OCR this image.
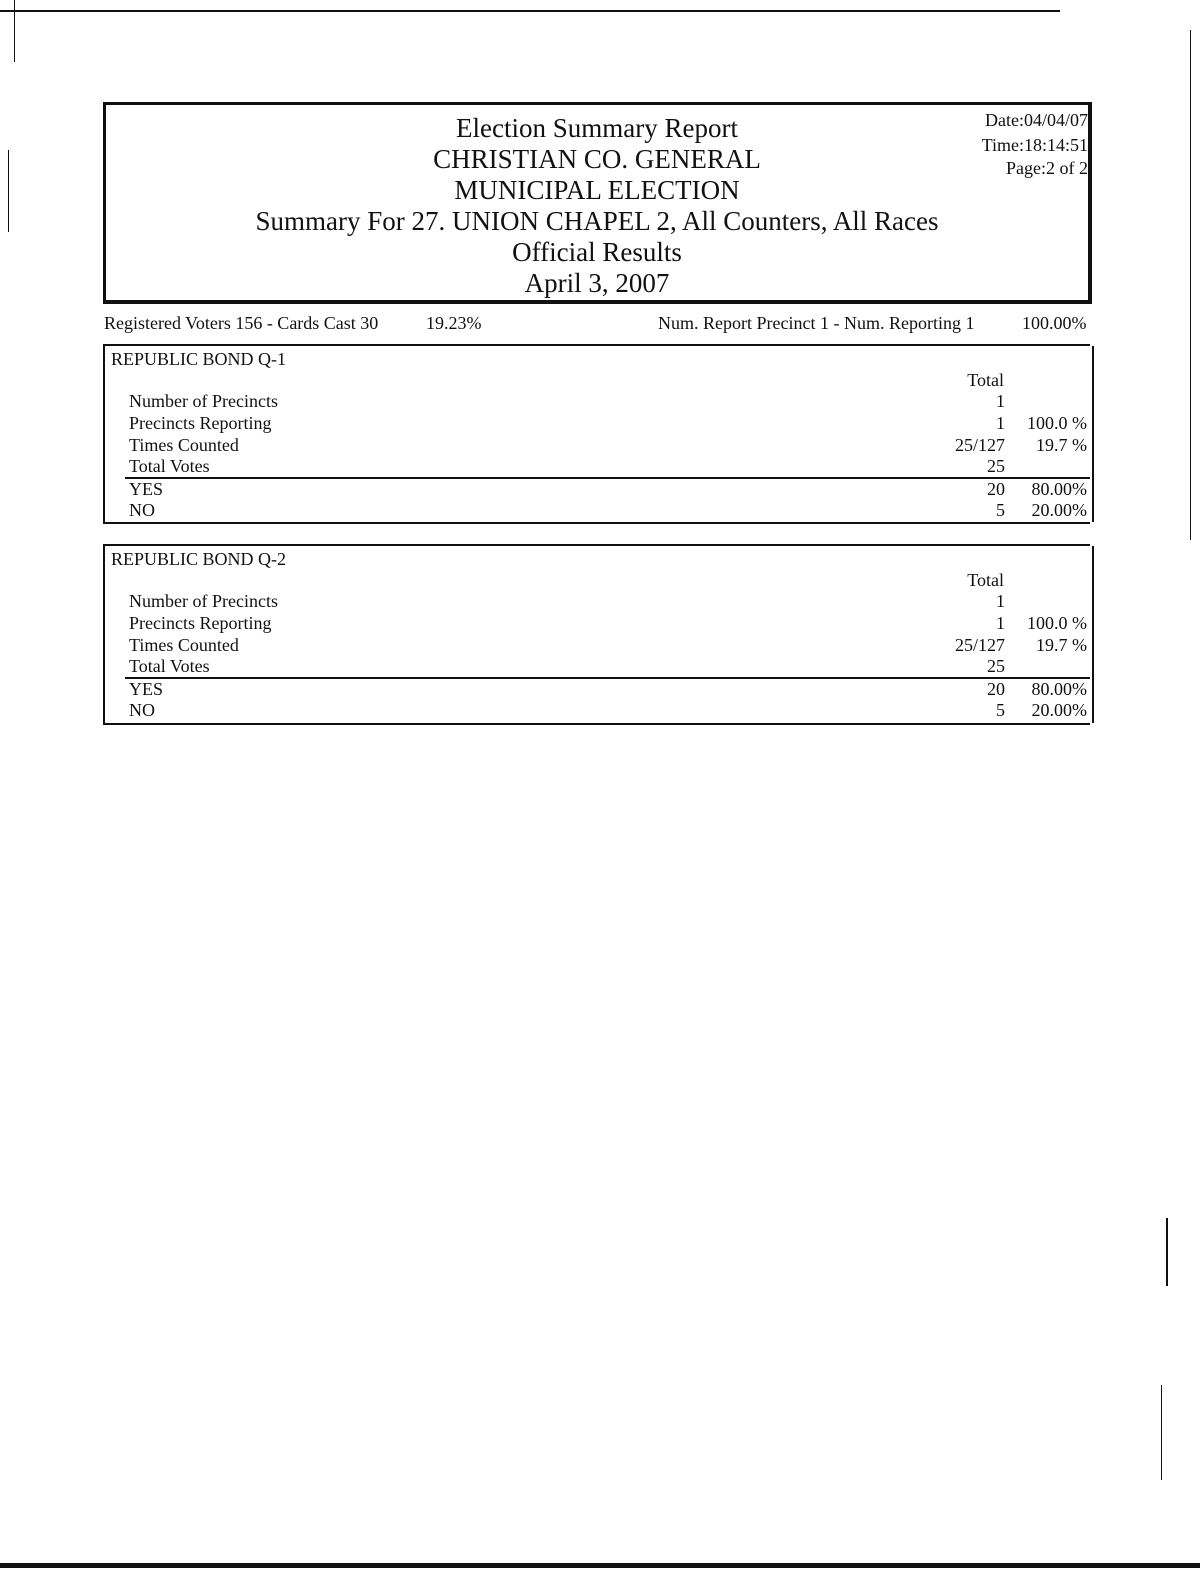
Election Summary Report
CHRISTIAN CO. GENERAL
MUNICIPAL ELECTION
Summary For 27. UNION CHAPEL 2, All Counters, All Races
Official Results
April 3, 2007
Date:04/04/07
Time:18:14:51
Page:2 of 2
Registered Voters 156 - Cards Cast 30	19.23%	Num. Report Precinct 1 - Num. Reporting 1	100.00%
REPUBLIC BOND Q-1
Total
Number of Precincts	1
Precincts Reporting	1 100.0 %
Times Counted	25/127 19.7 %
Total Votes	25
YES	20 80.00%
NO	5 20.00%
REPUBLIC BOND Q-2
Total
Number of Precincts	1
Precincts Reporting	1 100.0 %
Times Counted	25/127 19.7 %
Total Votes	25
YES	20 80.00%
NO	5 20.00%
